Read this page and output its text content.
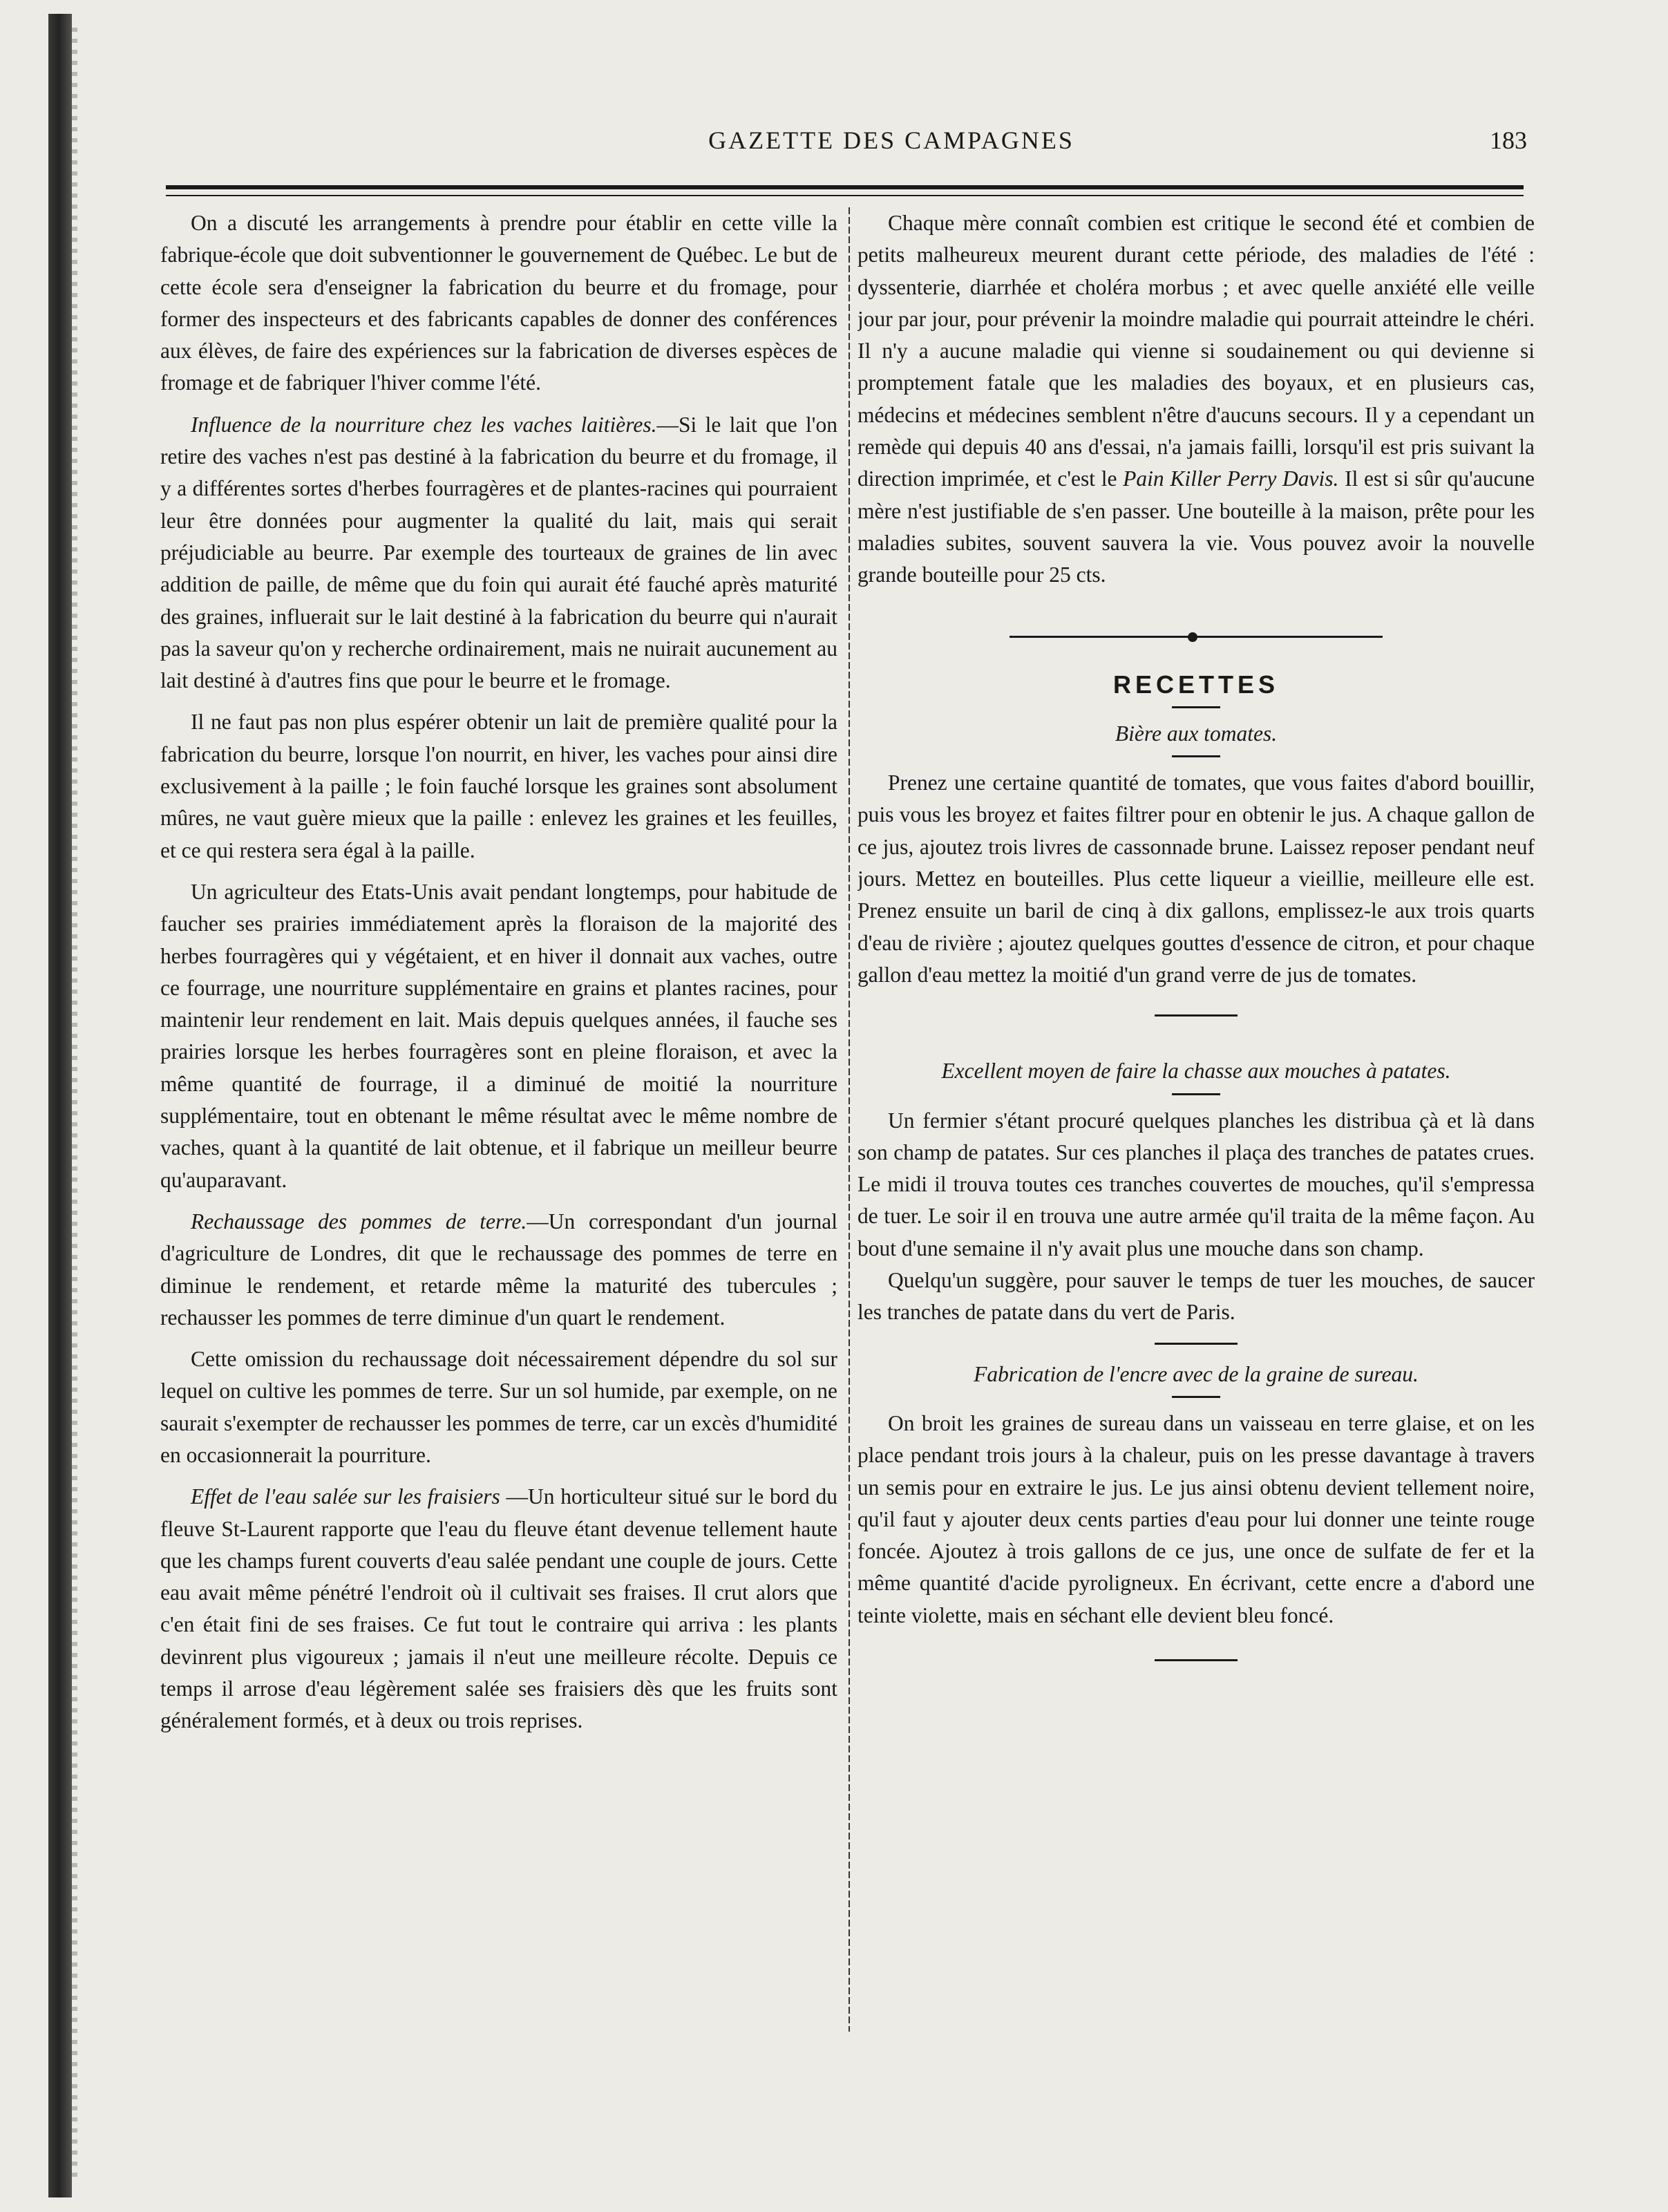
GAZETTE DES CAMPAGNES	183

On a discuté les arrangements à prendre pour établir en cette ville la fabrique-école que doit subventionner le gouvernement de Québec. Le but de cette école sera d'enseigner la fabrication du beurre et du fromage, pour former des inspecteurs et des fabricants capables de donner des conférences aux élèves, de faire des expériences sur la fabrication de diverses espèces de fromage et de fabriquer l'hiver comme l'été.

Influence de la nourriture chez les vaches laitières.—Si le lait que l'on retire des vaches n'est pas destiné à la fabrication du beurre et du fromage, il y a différentes sortes d'herbes fourragères et de plantes-racines qui pourraient leur être données pour augmenter la qualité du lait, mais qui serait préjudiciable au beurre. Par exemple des tourteaux de graines de lin avec addition de paille, de même que du foin qui aurait été fauché après maturité des graines, influerait sur le lait destiné à la fabrication du beurre qui n'aurait pas la saveur qu'on y recherche ordinairement, mais ne nuirait aucunement au lait destiné à d'autres fins que pour le beurre et le fromage.

Il ne faut pas non plus espérer obtenir un lait de première qualité pour la fabrication du beurre, lorsque l'on nourrit, en hiver, les vaches pour ainsi dire exclusivement à la paille ; le foin fauché lorsque les graines sont absolument mûres, ne vaut guère mieux que la paille : enlevez les graines et les feuilles, et ce qui restera sera égal à la paille.

Un agriculteur des Etats-Unis avait pendant longtemps, pour habitude de faucher ses prairies immédiatement après la floraison de la majorité des herbes fourragères qui y végétaient, et en hiver il donnait aux vaches, outre ce fourrage, une nourriture supplémentaire en grains et plantes racines, pour maintenir leur rendement en lait. Mais depuis quelques années, il fauche ses prairies lorsque les herbes fourragères sont en pleine floraison, et avec la même quantité de fourrage, il a diminué de moitié la nourriture supplémentaire, tout en obtenant le même résultat avec le même nombre de vaches, quant à la quantité de lait obtenue, et il fabrique un meilleur beurre qu'auparavant.

Rechaussage des pommes de terre.—Un correspondant d'un journal d'agriculture de Londres, dit que le rechaussage des pommes de terre en diminue le rendement, et retarde même la maturité des tubercules ; rechausser les pommes de terre diminue d'un quart le rendement.

Cette omission du rechaussage doit nécessairement dépendre du sol sur lequel on cultive les pommes de terre. Sur un sol humide, par exemple, on ne saurait s'exempter de rechausser les pommes de terre, car un excès d'humidité en occasionnerait la pourriture.

Effet de l'eau salée sur les fraisiers —Un horticulteur situé sur le bord du fleuve St-Laurent rapporte que l'eau du fleuve étant devenue tellement haute que les champs furent couverts d'eau salée pendant une couple de jours. Cette eau avait même pénétré l'endroit où il cultivait ses fraises. Il crut alors que c'en était fini de ses fraises. Ce fut tout le contraire qui arriva : les plants devinrent plus vigoureux ; jamais il n'eut une meilleure récolte. Depuis ce temps il arrose d'eau légèrement salée ses fraisiers dès que les fruits sont généralement formés, et à deux ou trois reprises.

Chaque mère connaît combien est critique le second été et combien de petits malheureux meurent durant cette période, des maladies de l'été : dyssenterie, diarrhée et choléra morbus ; et avec quelle anxiété elle veille jour par jour, pour prévenir la moindre maladie qui pourrait atteindre le chéri. Il n'y a aucune maladie qui vienne si soudainement ou qui devienne si promptement fatale que les maladies des boyaux, et en plusieurs cas, médecins et médecines semblent n'être d'aucuns secours. Il y a cependant un remède qui depuis 40 ans d'essai, n'a jamais failli, lorsqu'il est pris suivant la direction imprimée, et c'est le Pain Killer Perry Davis. Il est si sûr qu'aucune mère n'est justifiable de s'en passer. Une bouteille à la maison, prête pour les maladies subites, souvent sauvera la vie. Vous pouvez avoir la nouvelle grande bouteille pour 25 cts.

RECETTES

Bière aux tomates.

Prenez une certaine quantité de tomates, que vous faites d'abord bouillir, puis vous les broyez et faites filtrer pour en obtenir le jus. A chaque gallon de ce jus, ajoutez trois livres de cassonnade brune. Laissez reposer pendant neuf jours. Mettez en bouteilles. Plus cette liqueur a vieillie, meilleure elle est. Prenez ensuite un baril de cinq à dix gallons, emplissez-le aux trois quarts d'eau de rivière ; ajoutez quelques gouttes d'essence de citron, et pour chaque gallon d'eau mettez la moitié d'un grand verre de jus de tomates.

Excellent moyen de faire la chasse aux mouches à patates.

Un fermier s'étant procuré quelques planches les distribua çà et là dans son champ de patates. Sur ces planches il plaça des tranches de patates crues. Le midi il trouva toutes ces tranches couvertes de mouches, qu'il s'empressa de tuer. Le soir il en trouva une autre armée qu'il traita de la même façon. Au bout d'une semaine il n'y avait plus une mouche dans son champ.

Quelqu'un suggère, pour sauver le temps de tuer les mouches, de saucer les tranches de patate dans du vert de Paris.

Fabrication de l'encre avec de la graine de sureau.

On broit les graines de sureau dans un vaisseau en terre glaise, et on les place pendant trois jours à la chaleur, puis on les presse davantage à travers un semis pour en extraire le jus. Le jus ainsi obtenu devient tellement noire, qu'il faut y ajouter deux cents parties d'eau pour lui donner une teinte rouge foncée. Ajoutez à trois gallons de ce jus, une once de sulfate de fer et la même quantité d'acide pyroligneux. En écrivant, cette encre a d'abord une teinte violette, mais en séchant elle devient bleu foncé.
